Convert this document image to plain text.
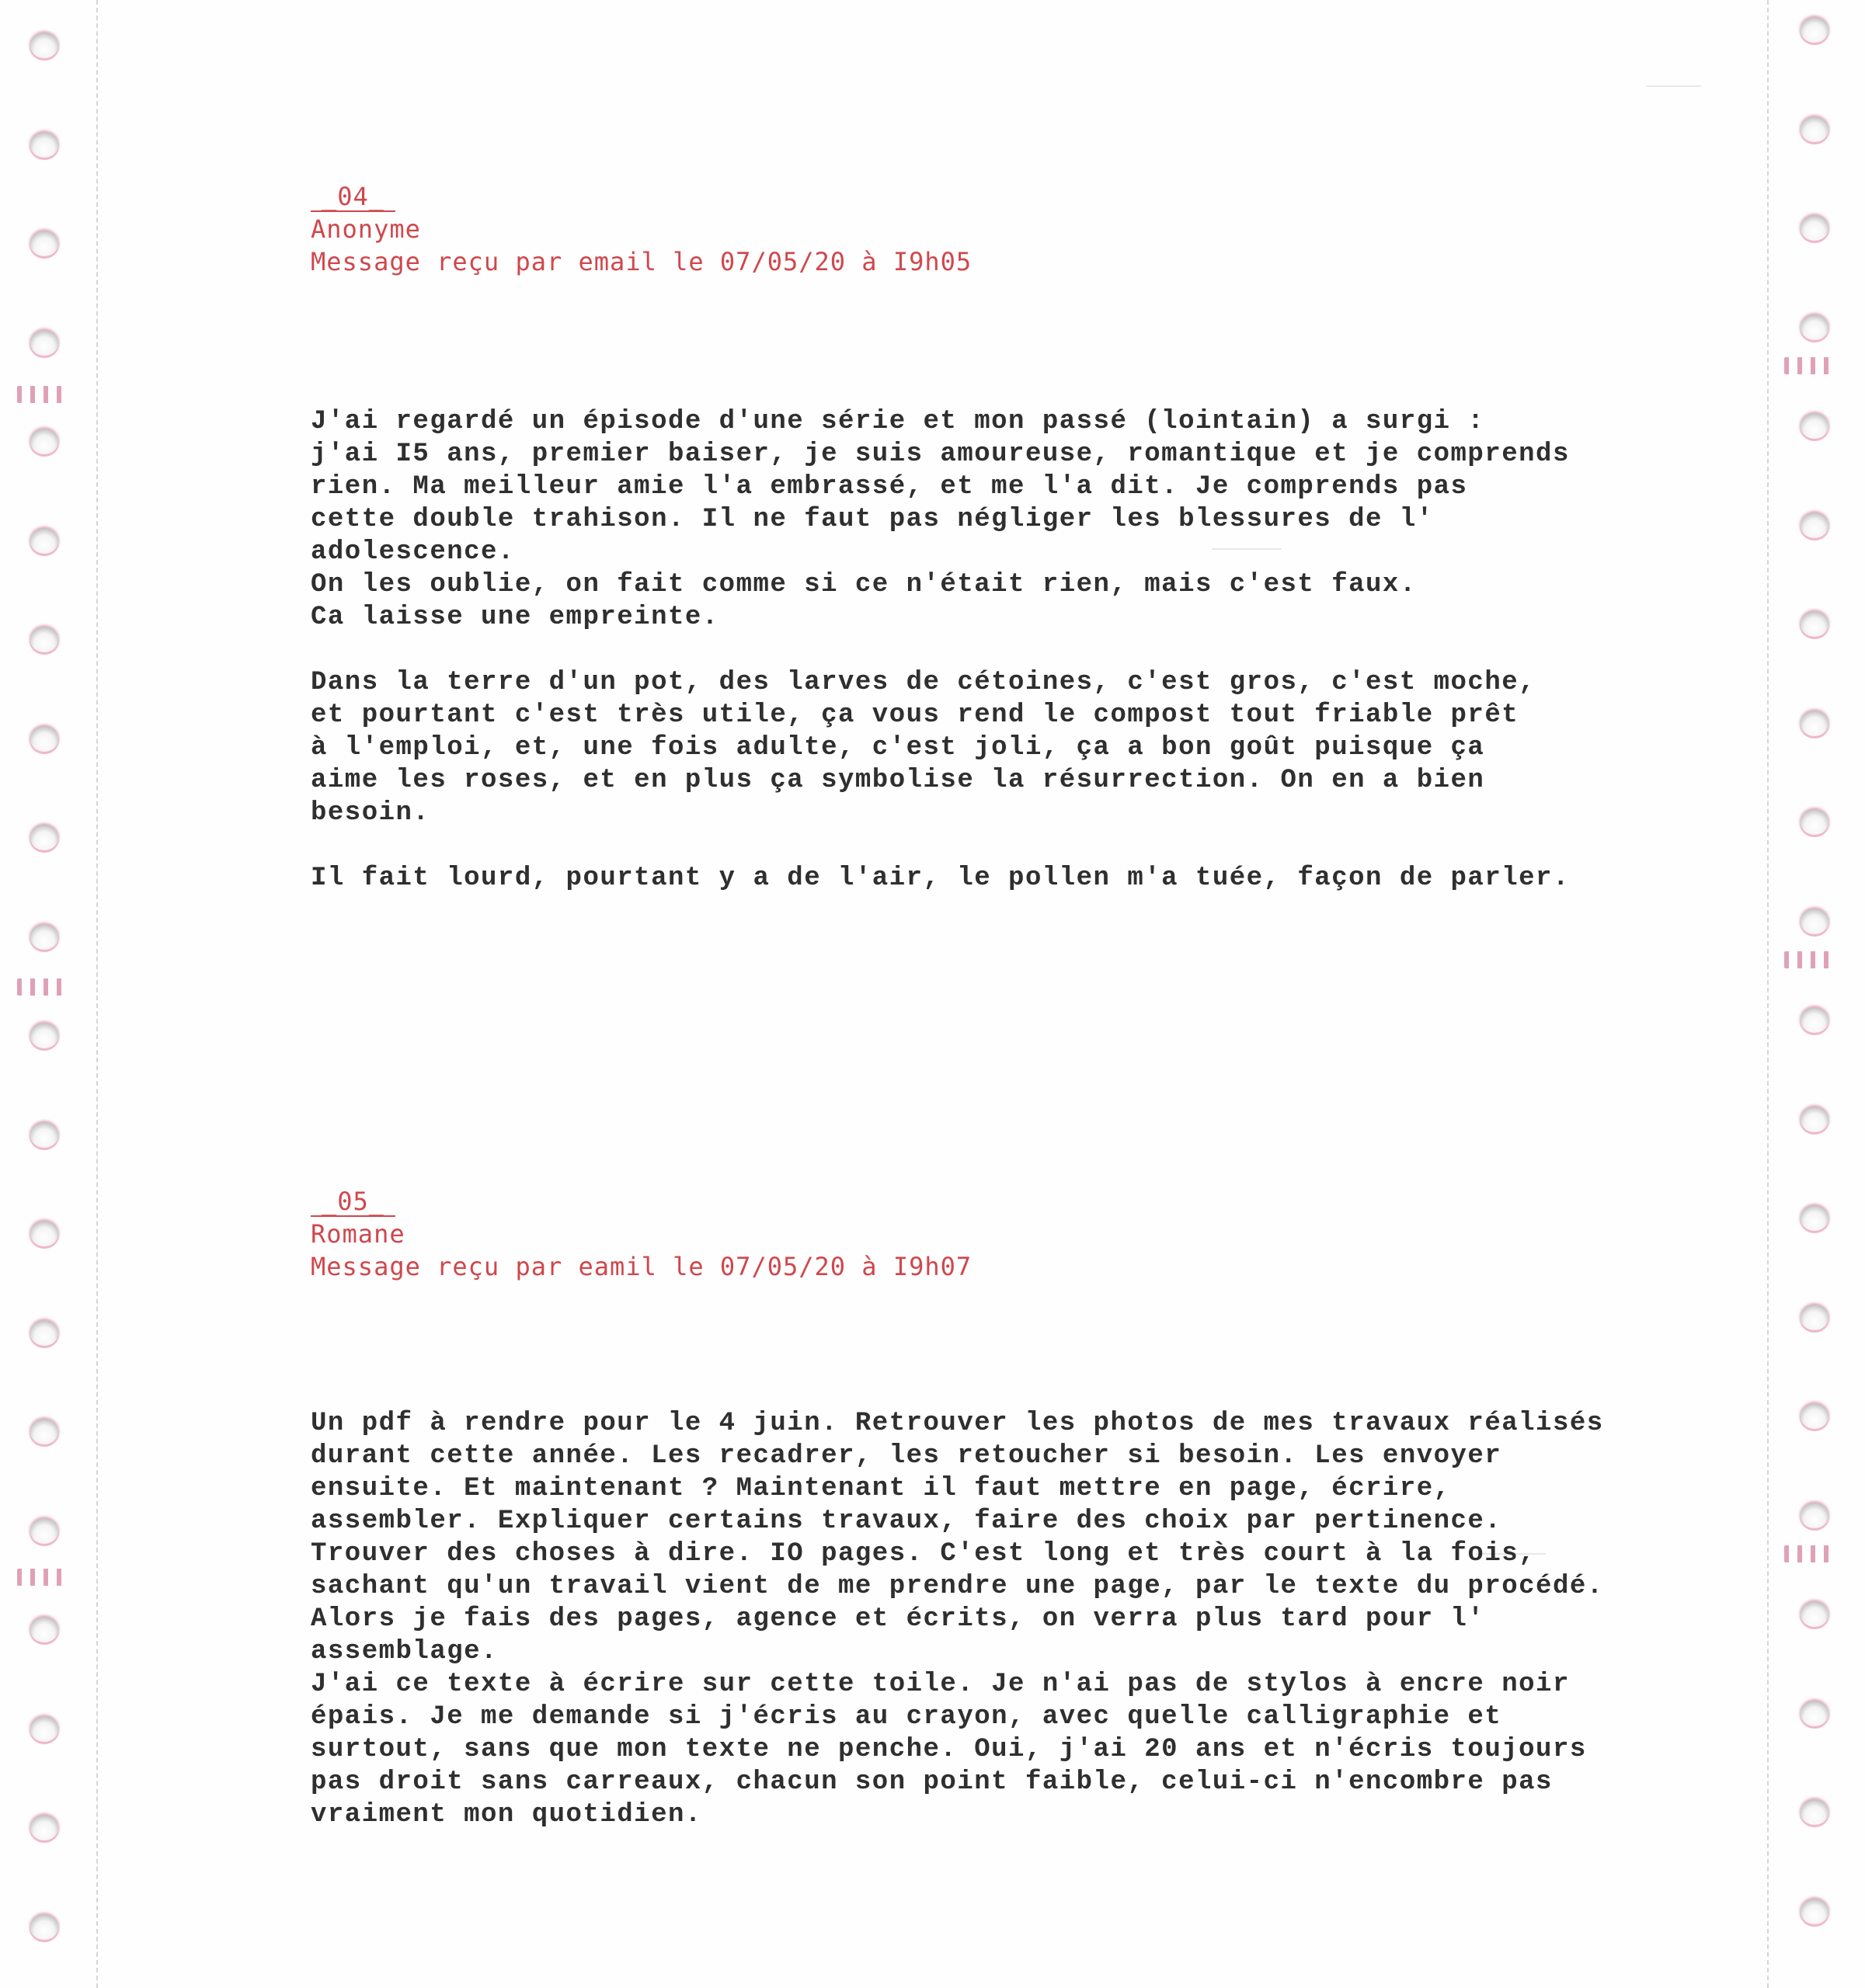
_04_

Anonyme

Message reçu par email le 07/05/20 à I9h05

J'ai regardé un épisode d'une série et mon passé (lointain) a surgi :
j'ai I5 ans, premier baiser, je suis amoureuse, romantique et je comprends
rien. Ma meilleur amie l'a embrassé, et me l'a dit. Je comprends pas
cette double trahison. Il ne faut pas négliger les blessures de l'
adolescence.
On les oublie, on fait comme si ce n'était rien, mais c'est faux.
Ca laisse une empreinte.
Dans la terre d'un pot, des larves de cétoines, c'est gros, c'est moche,
et pourtant c'est très utile, ça vous rend le compost tout friable prêt
à l'emploi, et, une fois adulte, c'est joli, ça a bon goût puisque ça
aime les roses, et en plus ça symbolise la résurrection. On en a bien
besoin.
Il fait lourd, pourtant y a de l'air, le pollen m'a tuée, façon de parler.

_05_

Romane

Message reçu par eamil le 07/05/20 à I9h07

Un pdf à rendre pour le 4 juin. Retrouver les photos de mes travaux réalisés
durant cette année. Les recadrer, les retoucher si besoin. Les envoyer
ensuite. Et maintenant ? Maintenant il faut mettre en page, écrire,
assembler. Expliquer certains travaux, faire des choix par pertinence.
Trouver des choses à dire. IO pages. C'est long et très court à la fois,
sachant qu'un travail vient de me prendre une page, par le texte du procédé.
Alors je fais des pages, agence et écrits, on verra plus tard pour l'
assemblage.
J'ai ce texte à écrire sur cette toile. Je n'ai pas de stylos à encre noir
épais. Je me demande si j'écris au crayon, avec quelle calligraphie et
surtout, sans que mon texte ne penche. Oui, j'ai 20 ans et n'écris toujours
pas droit sans carreaux, chacun son point faible, celui-ci n'encombre pas
vraiment mon quotidien.
